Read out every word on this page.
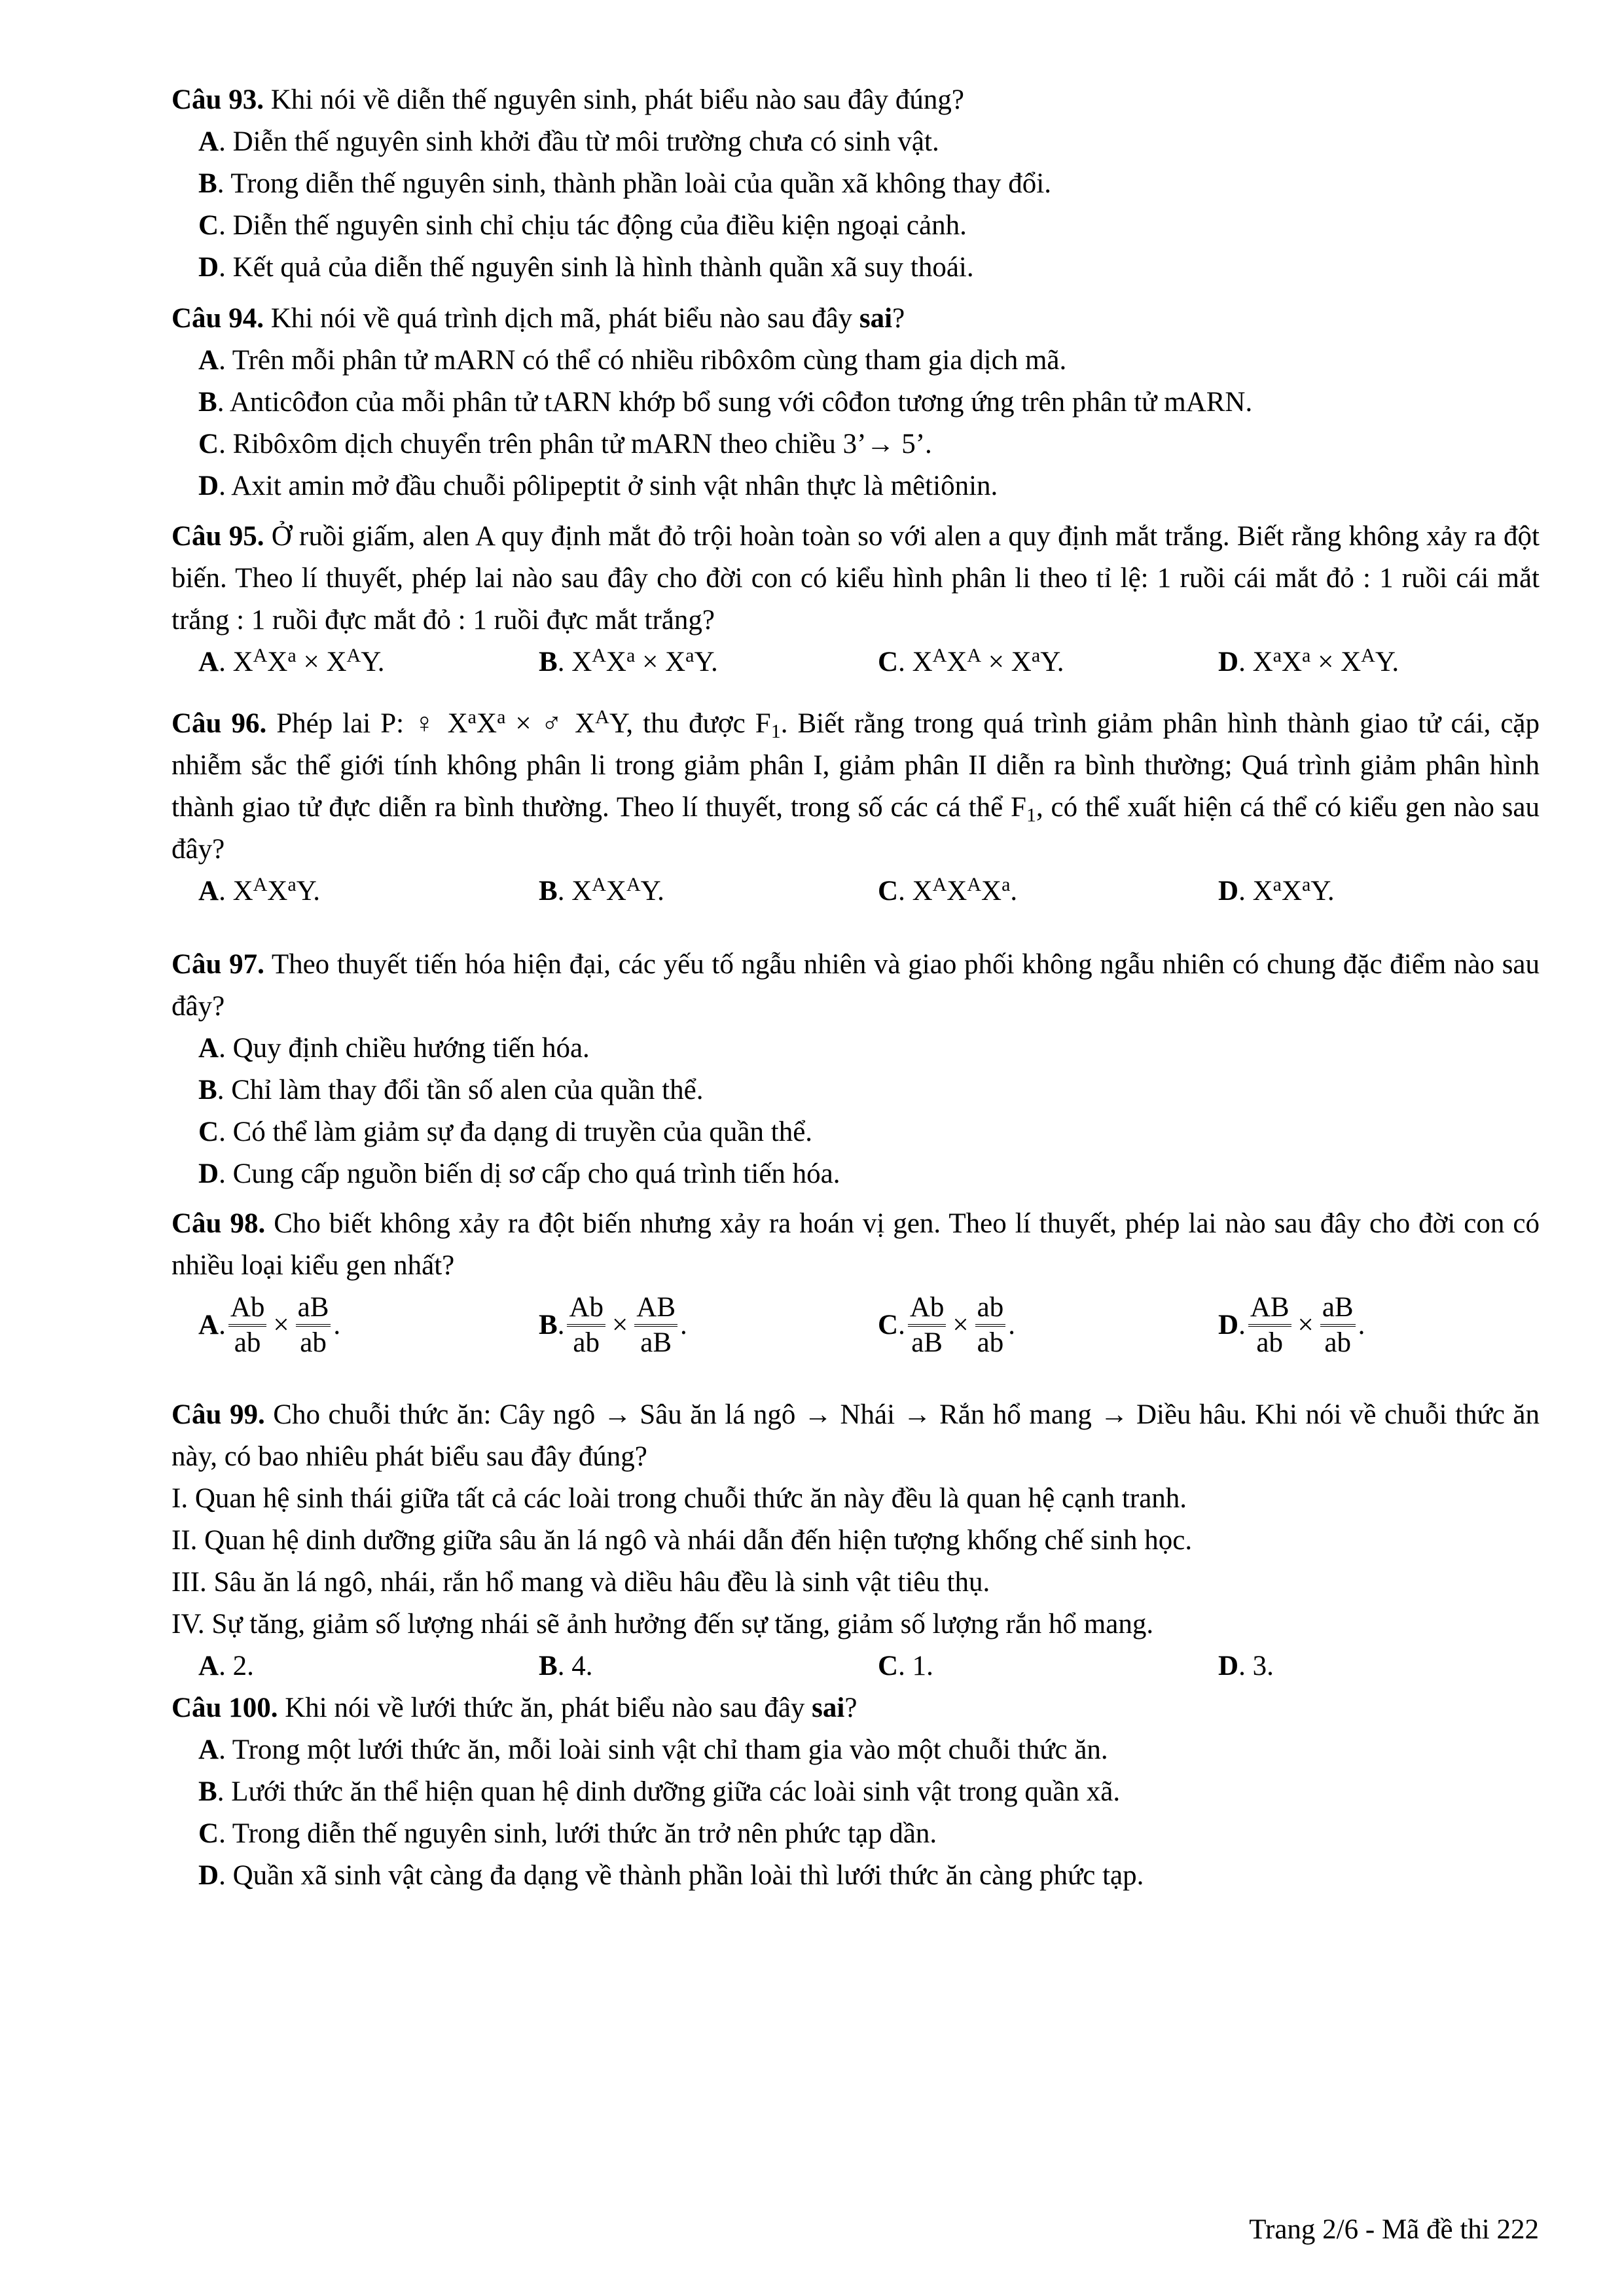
Câu 93. Khi nói về diễn thế nguyên sinh, phát biểu nào sau đây đúng?
A. Diễn thế nguyên sinh khởi đầu từ môi trường chưa có sinh vật.
B. Trong diễn thế nguyên sinh, thành phần loài của quần xã không thay đổi.
C. Diễn thế nguyên sinh chỉ chịu tác động của điều kiện ngoại cảnh.
D. Kết quả của diễn thế nguyên sinh là hình thành quần xã suy thoái.
Câu 94. Khi nói về quá trình dịch mã, phát biểu nào sau đây sai?
A. Trên mỗi phân tử mARN có thể có nhiều ribôxôm cùng tham gia dịch mã.
B. Anticôđon của mỗi phân tử tARN khớp bổ sung với côđon tương ứng trên phân tử mARN.
C. Ribôxôm dịch chuyển trên phân tử mARN theo chiều 3’→ 5’.
D. Axit amin mở đầu chuỗi pôlipeptit ở sinh vật nhân thực là mêtiônin.
Câu 95. Ở ruồi giấm, alen A quy định mắt đỏ trội hoàn toàn so với alen a quy định mắt trắng. Biết rằng không xảy ra đột biến. Theo lí thuyết, phép lai nào sau đây cho đời con có kiểu hình phân li theo tỉ lệ: 1 ruồi cái mắt đỏ : 1 ruồi cái mắt trắng : 1 ruồi đực mắt đỏ : 1 ruồi đực mắt trắng?
A. $X^AX^a \times X^AY$.	B. $X^AX^a \times X^aY$.	C. $X^AX^A \times X^aY$.	D. $X^aX^a \times X^AY$.
Câu 96. Phép lai P: ♀ $X^aX^a$ × ♂ $X^AY$, thu được $F_1$. Biết rằng trong quá trình giảm phân hình thành giao tử cái, cặp nhiễm sắc thể giới tính không phân li trong giảm phân I, giảm phân II diễn ra bình thường; Quá trình giảm phân hình thành giao tử đực diễn ra bình thường. Theo lí thuyết, trong số các cá thể $F_1$, có thể xuất hiện cá thể có kiểu gen nào sau đây?
A. $X^AX^aY$.	B. $X^AX^AY$.	C. $X^AX^AX^a$.	D. $X^aX^aY$.
Câu 97. Theo thuyết tiến hóa hiện đại, các yếu tố ngẫu nhiên và giao phối không ngẫu nhiên có chung đặc điểm nào sau đây?
A. Quy định chiều hướng tiến hóa.
B. Chỉ làm thay đổi tần số alen của quần thể.
C. Có thể làm giảm sự đa dạng di truyền của quần thể.
D. Cung cấp nguồn biến dị sơ cấp cho quá trình tiến hóa.
Câu 98. Cho biết không xảy ra đột biến nhưng xảy ra hoán vị gen. Theo lí thuyết, phép lai nào sau đây cho đời con có nhiều loại kiểu gen nhất?
A . $\frac{Ab}{ab} \times \frac{aB}{ab}$ .	B . $\frac{Ab}{ab} \times \frac{AB}{aB}$ .	C . $\frac{Ab}{aB} \times \frac{ab}{ab}$ .	D . $\frac{AB}{ab} \times \frac{aB}{ab}$ .
Câu 99. Cho chuỗi thức ăn: Cây ngô → Sâu ăn lá ngô → Nhái → Rắn hổ mang → Diều hâu. Khi nói về chuỗi thức ăn này, có bao nhiêu phát biểu sau đây đúng?
I. Quan hệ sinh thái giữa tất cả các loài trong chuỗi thức ăn này đều là quan hệ cạnh tranh.
II. Quan hệ dinh dưỡng giữa sâu ăn lá ngô và nhái dẫn đến hiện tượng khống chế sinh học.
III. Sâu ăn lá ngô, nhái, rắn hổ mang và diều hâu đều là sinh vật tiêu thụ.
IV. Sự tăng, giảm số lượng nhái sẽ ảnh hưởng đến sự tăng, giảm số lượng rắn hổ mang.
A. 2.	B. 4.	C. 1.	D. 3.
Câu 100. Khi nói về lưới thức ăn, phát biểu nào sau đây sai?
A. Trong một lưới thức ăn, mỗi loài sinh vật chỉ tham gia vào một chuỗi thức ăn.
B. Lưới thức ăn thể hiện quan hệ dinh dưỡng giữa các loài sinh vật trong quần xã.
C. Trong diễn thế nguyên sinh, lưới thức ăn trở nên phức tạp dần.
D. Quần xã sinh vật càng đa dạng về thành phần loài thì lưới thức ăn càng phức tạp.
Trang 2/6 - Mã đề thi 222
